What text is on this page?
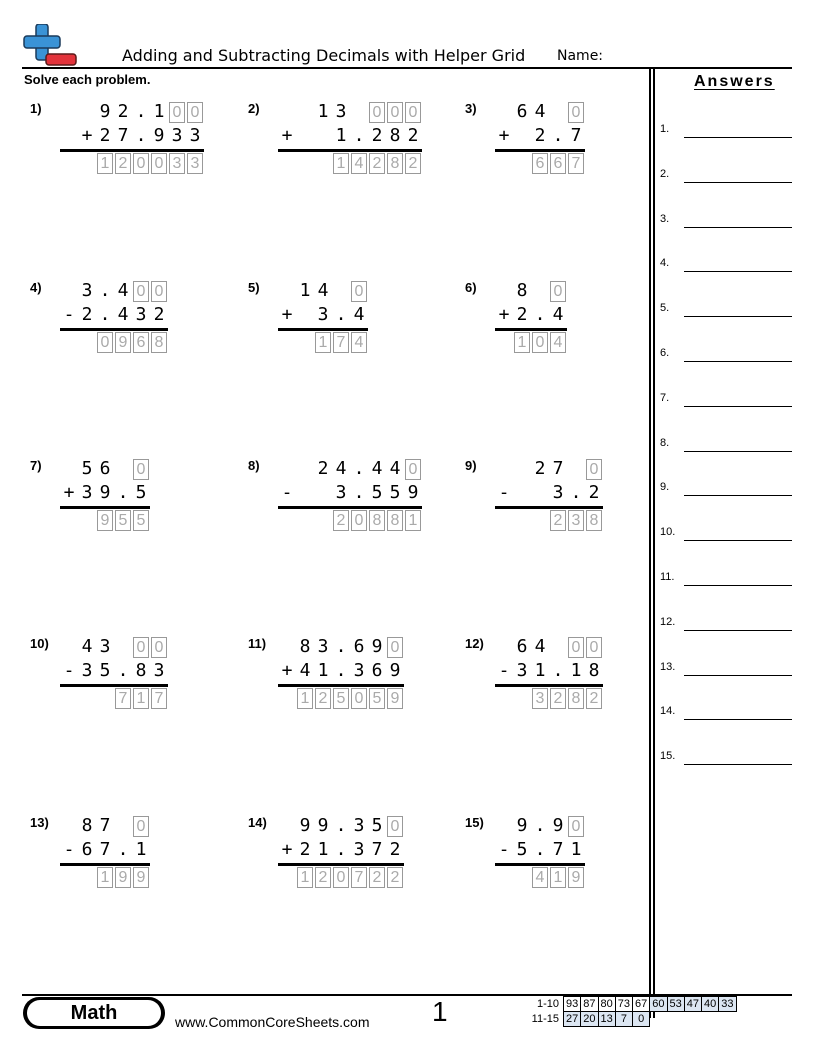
Adding and Subtracting Decimals with Helper Grid Name:
Solve each problem.	Answers
1.
2.
3.
4.
5.
6.
7.
8.
9.
10.
11.
12.
13.
14.
15.
1)	9 2 . 1 0 0
+ 2 7 . 9 3 3
1 2 0 0 3 3
2)	1 3 0 0 0
+ 1 . 2 8 2
1 4 2 8 2
3) 6 4 0
+ 2 . 7
6 6 7
4) 3 . 4 0 0
- 2 . 4 3 2
0 9 6 8
5) 1 4 0
+ 3 . 4
1 7 4
6) 8 0
+ 2 . 4
1 0 4
7) 5 6 0
+ 3 9 . 5
9 5 5
8)	2 4 . 4 4 0
- 3 . 5 5 9
2 0 8 8 1
9)	2 7 0
- 3 . 2
2 3 8
10) 4 3 0 0
- 3 5 . 8 3
7 1 7
11) 8 3 . 6 9 0
+ 4 1 . 3 6 9
1 2 5 0 5 9
12) 6 4 0 0
- 3 1 . 1 8
3 2 8 2
13) 8 7 0
- 6 7 . 1
1 9 9
14) 9 9 . 3 5 0
+ 2 1 . 3 7 2
1 2 0 7 2 2
15) 9 . 9 0
- 5 . 7 1
4 1 9
Math	www.CommonCoreSheets.com 1	1-10	93	87	80	73	67	60	53	47	40	33
11-15	27	20	13	7	0					
